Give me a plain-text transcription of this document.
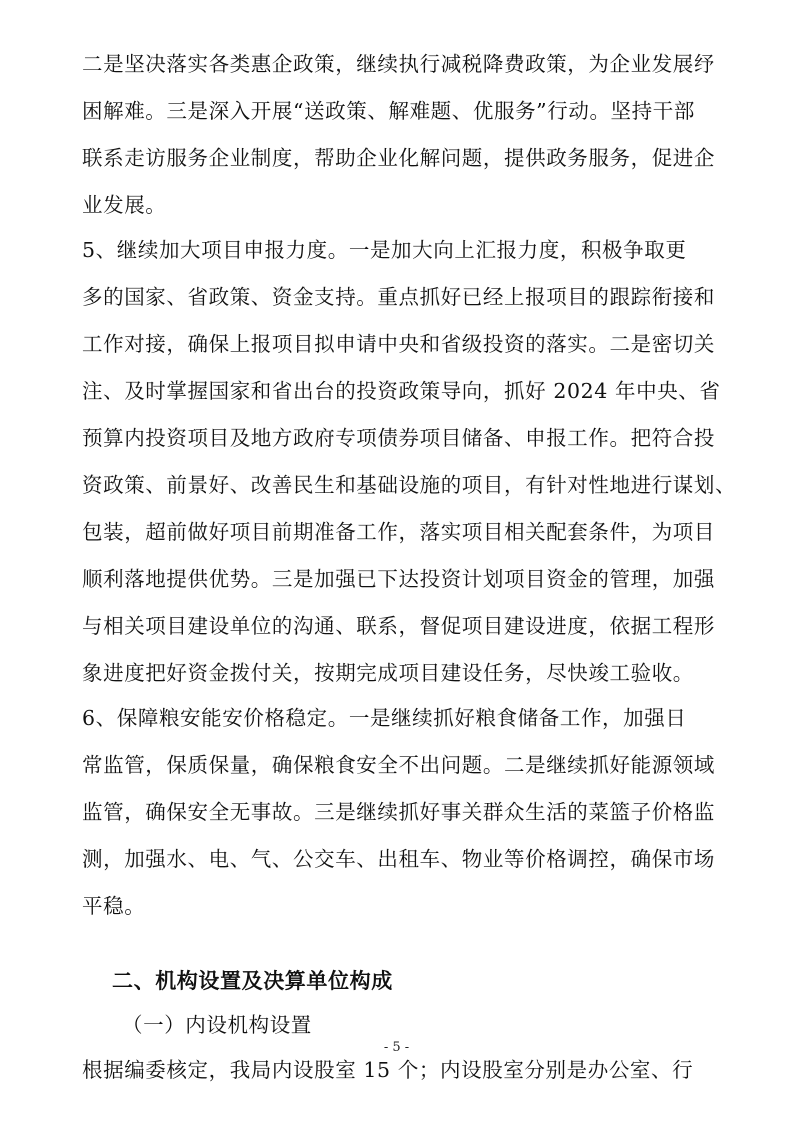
二是坚决落实各类惠企政策，继续执行减税降费政策，为企业发展纾
困解难。三是深入开展“送政策、解难题、优服务”行动。坚持干部
联系走访服务企业制度，帮助企业化解问题，提供政务服务，促进企
业发展。
5、继续加大项目申报力度。一是加大向上汇报力度，积极争取更
多的国家、省政策、资金支持。重点抓好已经上报项目的跟踪衔接和
工作对接，确保上报项目拟申请中央和省级投资的落实。二是密切关
注、及时掌握国家和省出台的投资政策导向，抓好 2024 年中央、省
预算内投资项目及地方政府专项债券项目储备、申报工作。把符合投
资政策、前景好、改善民生和基础设施的项目，有针对性地进行谋划、
包装，超前做好项目前期准备工作，落实项目相关配套条件，为项目
顺利落地提供优势。三是加强已下达投资计划项目资金的管理，加强
与相关项目建设单位的沟通、联系，督促项目建设进度，依据工程形
象进度把好资金拨付关，按期完成项目建设任务，尽快竣工验收。
6、保障粮安能安价格稳定。一是继续抓好粮食储备工作，加强日
常监管，保质保量，确保粮食安全不出问题。二是继续抓好能源领域
监管，确保安全无事故。三是继续抓好事关群众生活的菜篮子价格监
测，加强水、电、气、公交车、出租车、物业等价格调控，确保市场
平稳。
二、机构设置及决算单位构成
（一）内设机构设置
根据编委核定，我局内设股室 15 个；内设股室分别是办公室、行
- 5 -
